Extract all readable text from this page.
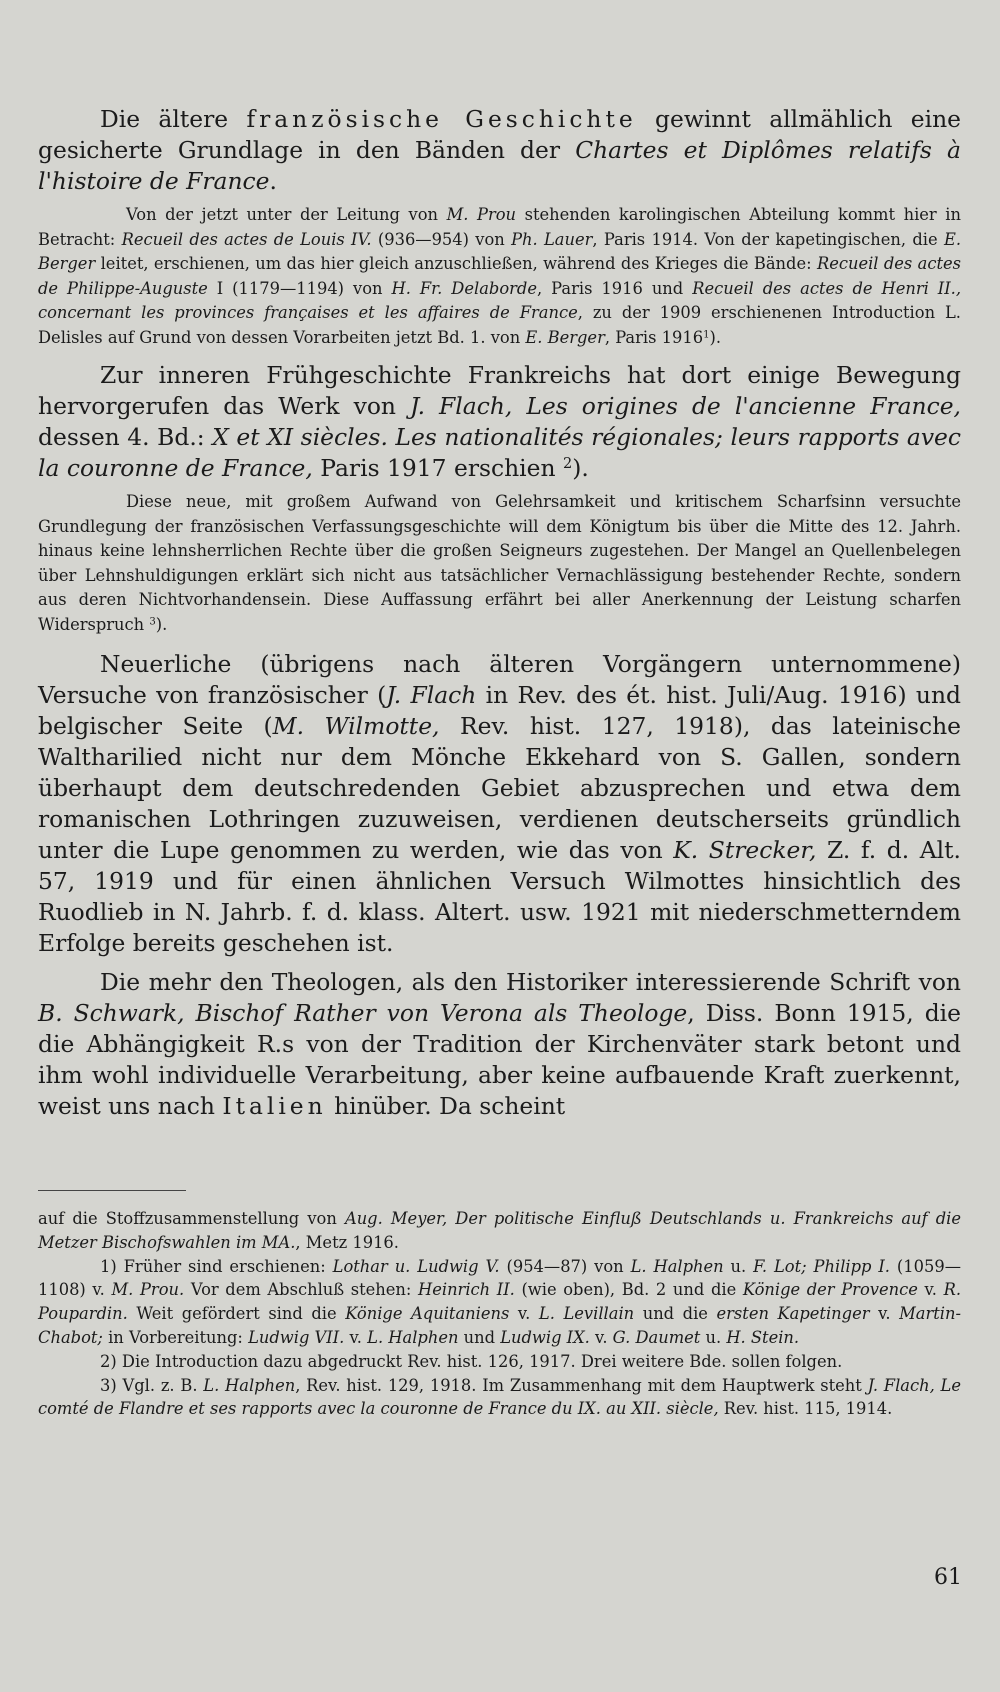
Die ältere französische Geschichte gewinnt allmählich eine gesicherte Grundlage in den Bänden der Chartes et Diplômes relatifs à l'histoire de France.

Von der jetzt unter der Leitung von M. Prou stehenden karolingischen Abteilung kommt hier in Betracht: Recueil des actes de Louis IV. (936—954) von Ph. Lauer, Paris 1914. Von der kapetingischen, die E. Berger leitet, erschienen, um das hier gleich anzuschließen, während des Krieges die Bände: Recueil des actes de Philippe-Auguste I (1179—1194) von H. Fr. Delaborde, Paris 1916 und Recueil des actes de Henri II., concernant les provinces françaises et les affaires de France, zu der 1909 erschienenen Introduction L. Delisles auf Grund von dessen Vorarbeiten jetzt Bd. 1. von E. Berger, Paris 1916$^1$).

Zur inneren Frühgeschichte Frankreichs hat dort einige Bewegung hervorgerufen das Werk von J. Flach, Les origines de l'ancienne France, dessen 4. Bd.: X et XI siècles. Les nationalités régionales; leurs rapports avec la couronne de France, Paris 1917 erschien $^2$).

Diese neue, mit großem Aufwand von Gelehrsamkeit und kritischem Scharfsinn versuchte Grundlegung der französischen Verfassungsgeschichte will dem Königtum bis über die Mitte des 12. Jahrh. hinaus keine lehnsherrlichen Rechte über die großen Seigneurs zugestehen. Der Mangel an Quellenbelegen über Lehnshuldigungen erklärt sich nicht aus tatsächlicher Vernachlässigung bestehender Rechte, sondern aus deren Nichtvorhandensein. Diese Auffassung erfährt bei aller Anerkennung der Leistung scharfen Widerspruch $^3$).

Neuerliche (übrigens nach älteren Vorgängern unternommene) Versuche von französischer (J. Flach in Rev. des ét. hist. Juli/Aug. 1916) und belgischer Seite (M. Wilmotte, Rev. hist. 127, 1918), das lateinische Waltharilied nicht nur dem Mönche Ekkehard von S. Gallen, sondern überhaupt dem deutschredenden Gebiet abzusprechen und etwa dem romanischen Lothringen zuzuweisen, verdienen deutscherseits gründlich unter die Lupe genommen zu werden, wie das von K. Strecker, Z. f. d. Alt. 57, 1919 und für einen ähnlichen Versuch Wilmottes hinsichtlich des Ruodlieb in N. Jahrb. f. d. klass. Altert. usw. 1921 mit niederschmetterndem Erfolge bereits geschehen ist.

Die mehr den Theologen, als den Historiker interessierende Schrift von B. Schwark, Bischof Rather von Verona als Theologe, Diss. Bonn 1915, die die Abhängigkeit R.s von der Tradition der Kirchenväter stark betont und ihm wohl individuelle Verarbeitung, aber keine aufbauende Kraft zuerkennt, weist uns nach Italien hinüber. Da scheint

auf die Stoffzusammenstellung von Aug. Meyer, Der politische Einfluß Deutschlands u. Frankreichs auf die Metzer Bischofswahlen im MA., Metz 1916.

1) Früher sind erschienen: Lothar u. Ludwig V. (954—87) von L. Halphen u. F. Lot; Philipp I. (1059—1108) v. M. Prou. Vor dem Abschluß stehen: Heinrich II. (wie oben), Bd. 2 und die Könige der Provence v. R. Poupardin. Weit gefördert sind die Könige Aquitaniens v. L. Levillain und die ersten Kapetinger v. Martin-Chabot; in Vorbereitung: Ludwig VII. v. L. Halphen und Ludwig IX. v. G. Daumet u. H. Stein.

2) Die Introduction dazu abgedruckt Rev. hist. 126, 1917. Drei weitere Bde. sollen folgen.

3) Vgl. z. B. L. Halphen, Rev. hist. 129, 1918. Im Zusammenhang mit dem Hauptwerk steht J. Flach, Le comté de Flandre et ses rapports avec la couronne de France du IX. au XII. siècle, Rev. hist. 115, 1914.

61
